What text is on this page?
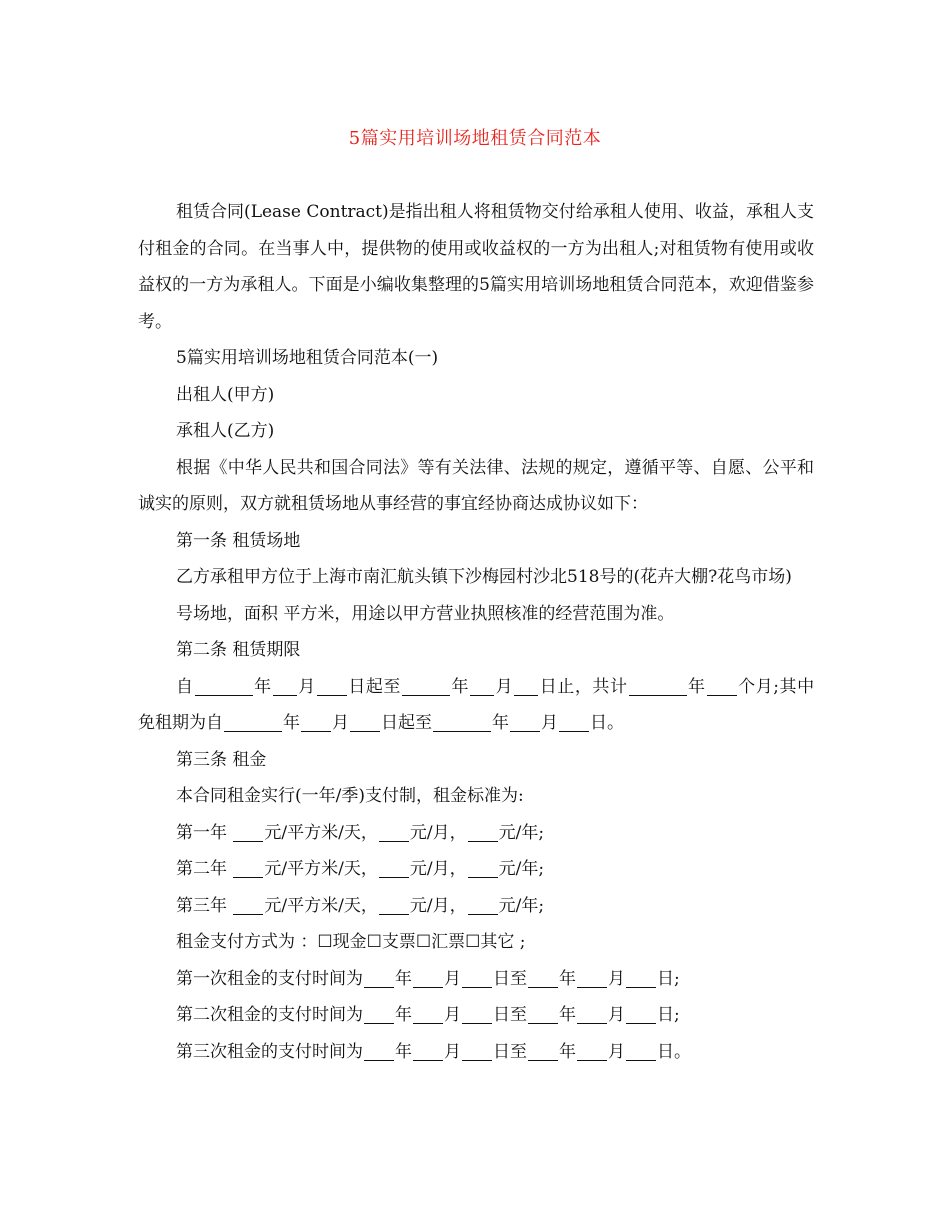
5篇实用培训场地租赁合同范本

租赁合同(Lease Contract)是指出租人将租赁物交付给承租人使用、收益，承租人支付租金的合同。在当事人中，提供物的使用或收益权的一方为出租人;对租赁物有使用或收益权的一方为承租人。下面是小编收集整理的5篇实用培训场地租赁合同范本，欢迎借鉴参考。

5篇实用培训场地租赁合同范本(一)

出租人(甲方)

承租人(乙方)

根据《中华人民共和国合同法》等有关法律、法规的规定，遵循平等、自愿、公平和诚实的原则，双方就租赁场地从事经营的事宜经协商达成协议如下：

第一条 租赁场地

乙方承租甲方位于上海市南汇航头镇下沙梅园村沙北518号的(花卉大棚?花鸟市场)

号场地，面积 平方米，用途以甲方营业执照核准的经营范围为准。

第二条 租赁期限

自	年 月 日起至	年 月 日止，共计	年 个月;其中免租期为自	年 月 日起至	年 月 日。

第三条 租金

本合同租金实行(一年/季)支付制，租金标准为:

第一年 元/平方米/天， 元/月， 元/年;

第二年 元/平方米/天， 元/月， 元/年;

第三年 元/平方米/天， 元/月， 元/年;

租金支付方式为 ：☐现金☐支票☐汇票☐其它 ;

第一次租金的支付时间为 年 月 日至 年 月 日;

第二次租金的支付时间为 年 月 日至 年 月 日;

第三次租金的支付时间为 年 月 日至 年 月 日。
